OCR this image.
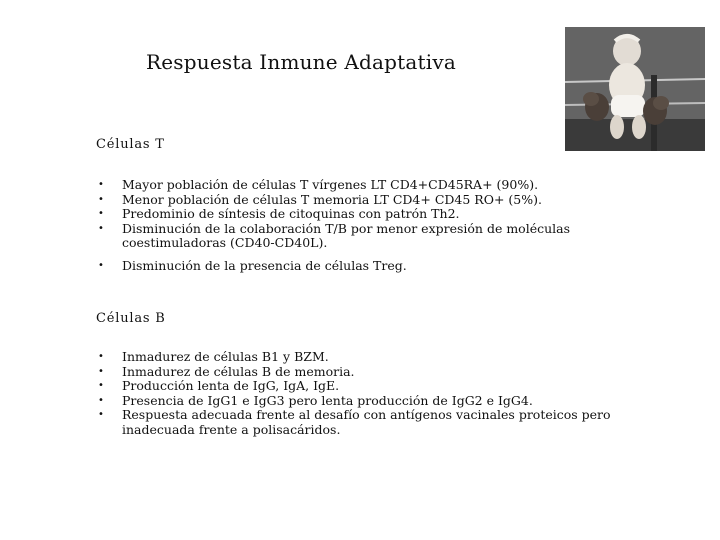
Respuesta Inmune Adaptativa
Células T
• Mayor población de células T vírgenes LT CD4+CD45RA+ (90%).
• Menor población de células T memoria LT CD4+ CD45 RO+ (5%).
• Predominio de síntesis de citoquinas con patrón Th2.
• Disminución de la colaboración T/B por menor expresión de moléculas coestimuladoras (CD40-CD40L).
• Disminución de la presencia de células Treg.
Células B
• Inmadurez de células B1 y BZM.
• Inmadurez de células B de memoria.
• Producción lenta de IgG, IgA, IgE.
• Presencia de IgG1 e IgG3 pero lenta producción de IgG2 e IgG4.
• Respuesta adecuada frente al desafío con antígenos vacinales proteicos pero inadecuada frente a polisacáridos.
